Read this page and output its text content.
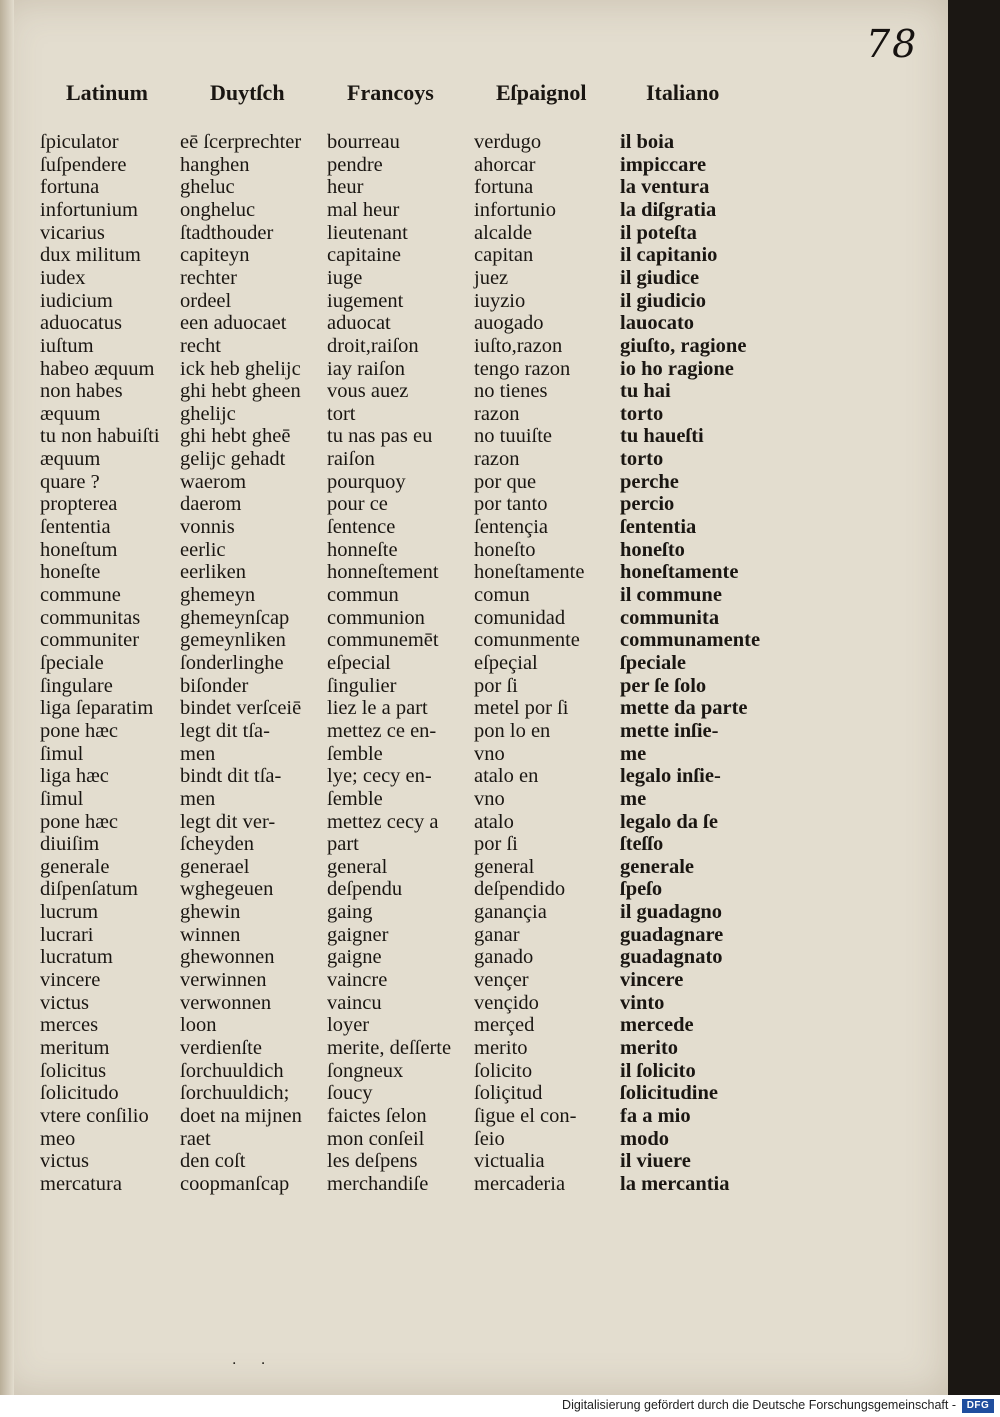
78
Latinum
ſpiculator
ſuſpendere
fortuna
infortunium
vicarius
dux militum
iudex
iudicium
aduocatus
iuſtum
habeo æquum
non habes
æquum
tu non habuiſti
æquum
quare ?
propterea
ſententia
honeſtum
honeſte
commune
communitas
communiter
ſpeciale
ſingulare
liga ſeparatim
pone hæc
ſimul
liga hæc
ſimul
pone hæc
diuiſim
generale
diſpenſatum
lucrum
lucrari
lucratum
vincere
victus
merces
meritum
ſolicitus
ſolicitudo
vtere conſilio
meo
victus
mercatura
Duytſch
eē ſcerprechter
hanghen
gheluc
ongheluc
ſtadthouder
capiteyn
rechter
ordeel
een aduocaet
recht
ick heb ghelijc
ghi hebt gheen
ghelijc
ghi hebt gheē
gelijc gehadt
waerom
daerom
vonnis
eerlic
eerliken
ghemeyn
ghemeynſcap
gemeynliken
ſonderlinghe
biſonder
bindet verſceiē
legt dit tſa-
men
bindt dit tſa-
men
legt dit ver-
ſcheyden
generael
wghegeuen
ghewin
winnen
ghewonnen
verwinnen
verwonnen
loon
verdienſte
ſorchuuldich
ſorchuuldich;
doet na mijnen
raet
den coſt
coopmanſcap
Francoys
bourreau
pendre
heur
mal heur
lieutenant
capitaine
iuge
iugement
aduocat
droit,raiſon
iay raiſon
vous auez
tort
tu nas pas eu
raiſon
pourquoy
pour ce
ſentence
honneſte
honneſtement
commun
communion
communemēt
eſpecial
ſingulier
liez le a part
mettez ce en-
ſemble
lye; cecy en-
ſemble
mettez cecy a
part
general
deſpendu
gaing
gaigner
gaigne
vaincre
vaincu
loyer
merite, deſſerte
ſongneux
ſoucy
faictes ſelon
mon conſeil
les deſpens
merchandiſe
Eſpaignol
verdugo
ahorcar
fortuna
infortunio
alcalde
capitan
juez
iuyzio
auogado
iuſto,razon
tengo razon
no tienes
razon
no tuuiſte
razon
por que
por tanto
ſentençia
honeſto
honeſtamente
comun
comunidad
comunmente
eſpeçial
por ſi
metel por ſi
pon lo en
vno
atalo en
vno
atalo
por ſi
general
deſpendido
ganançia
ganar
ganado
vençer
vençido
merçed
merito
ſolicito
ſoliçitud
ſigue el con-
ſeio
victualia
mercaderia
Italiano
il boia
impiccare
la ventura
la diſgratia
il poteſta
il capitanio
il giudice
il giudicio
lauocato
giuſto, ragione
io ho ragione
tu hai
torto
tu haueſti
torto
perche
percio
ſententia
honeſto
honeſtamente
il commune
communita
communamente
ſpeciale
per ſe ſolo
mette da parte
mette inſie-
me
legalo inſie-
me
legalo da ſe
ſteſſo
generale
ſpeſo
il guadagno
guadagnare
guadagnato
vincere
vinto
mercede
merito
il ſolicito
ſolicitudine
fa a mio
modo
il viuere
la mercantia
· ·
Digitalisierung gefördert durch die Deutsche Forschungsgemeinschaft -	DFG
